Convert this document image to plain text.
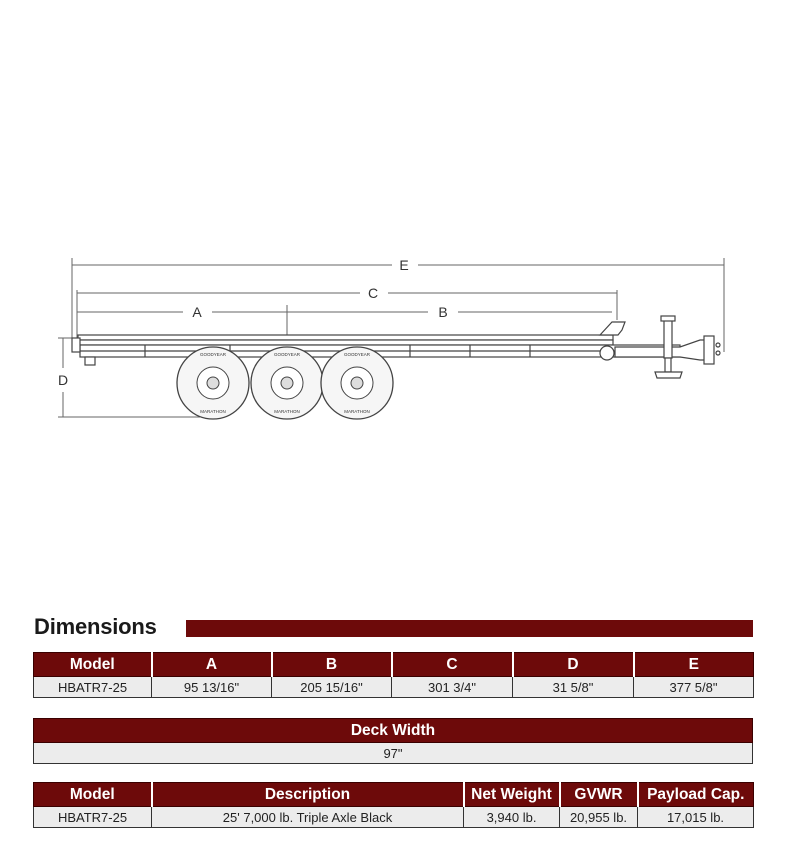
E
C
A	B
D
GOODYEAR
MARATHON
GOODYEAR
MARATHON
GOODYEAR
MARATHON
Dimensions
Model	A	B	C	D	E
HBATR7-25	95 13/16"	205 15/16"	301 3/4"	31 5/8"	377 5/8"
Deck Width
97"
Model	Description	Net Weight	GVWR	Payload Cap.
HBATR7-25	25' 7,000 lb. Triple Axle Black	3,940 lb.	20,955 lb.	17,015 lb.
